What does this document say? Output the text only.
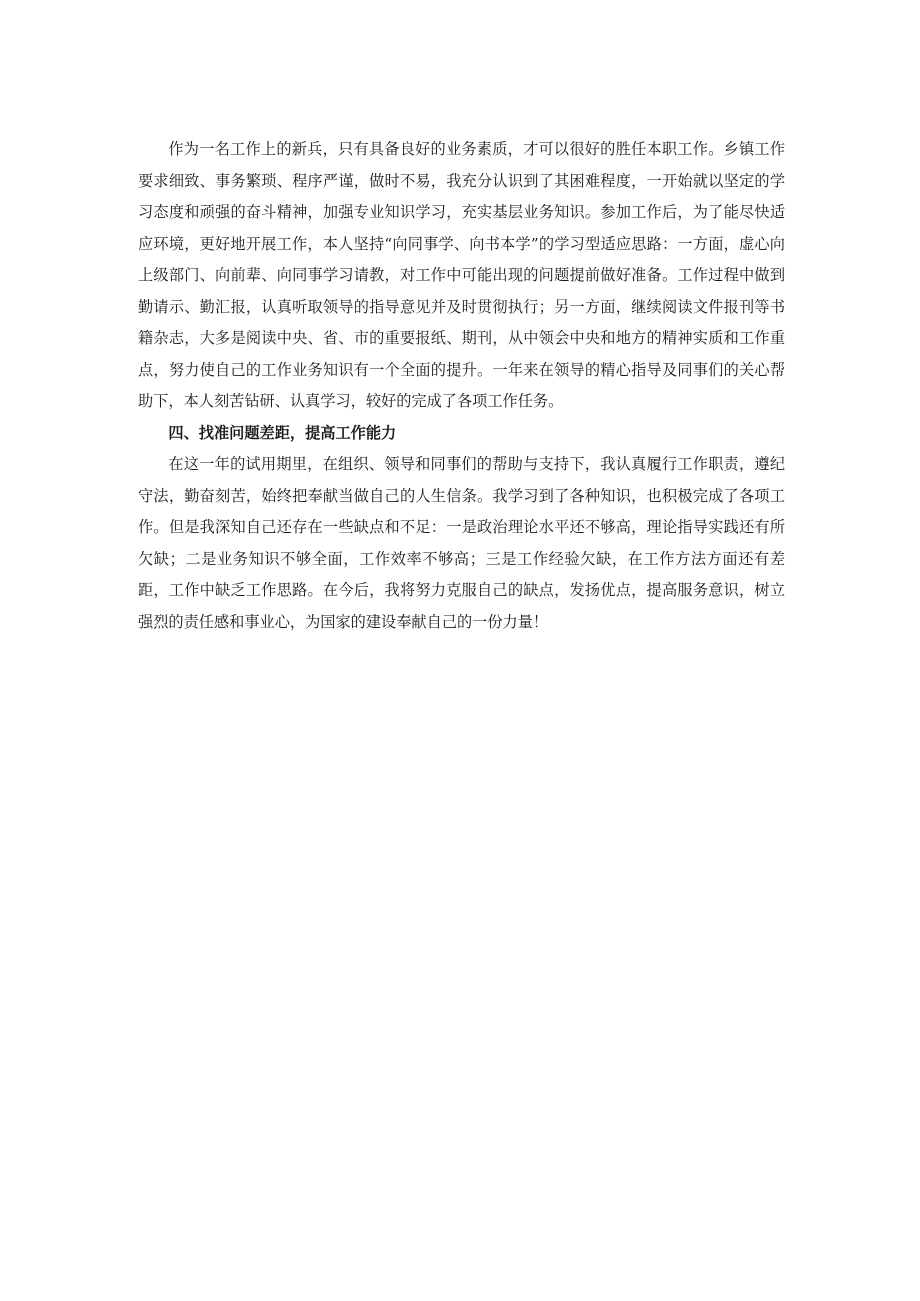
作为一名工作上的新兵，只有具备良好的业务素质，才可以很好的胜任本职工作。乡镇工作要求细致、事务繁琐、程序严谨，做时不易，我充分认识到了其困难程度，一开始就以坚定的学习态度和顽强的奋斗精神，加强专业知识学习，充实基层业务知识。参加工作后，为了能尽快适应环境，更好地开展工作，本人坚持“向同事学、向书本学”的学习型适应思路：一方面，虚心向上级部门、向前辈、向同事学习请教，对工作中可能出现的问题提前做好准备。工作过程中做到勤请示、勤汇报，认真听取领导的指导意见并及时贯彻执行；另一方面，继续阅读文件报刊等书籍杂志，大多是阅读中央、省、市的重要报纸、期刊，从中领会中央和地方的精神实质和工作重点，努力使自己的工作业务知识有一个全面的提升。一年来在领导的精心指导及同事们的关心帮助下，本人刻苦钻研、认真学习，较好的完成了各项工作任务。

四、找准问题差距，提高工作能力

在这一年的试用期里，在组织、领导和同事们的帮助与支持下，我认真履行工作职责，遵纪守法，勤奋刻苦，始终把奉献当做自己的人生信条。我学习到了各种知识，也积极完成了各项工作。但是我深知自己还存在一些缺点和不足：一是政治理论水平还不够高，理论指导实践还有所欠缺；二是业务知识不够全面，工作效率不够高；三是工作经验欠缺，在工作方法方面还有差距，工作中缺乏工作思路。在今后，我将努力克服自己的缺点，发扬优点，提高服务意识，树立强烈的责任感和事业心，为国家的建设奉献自己的一份力量！
